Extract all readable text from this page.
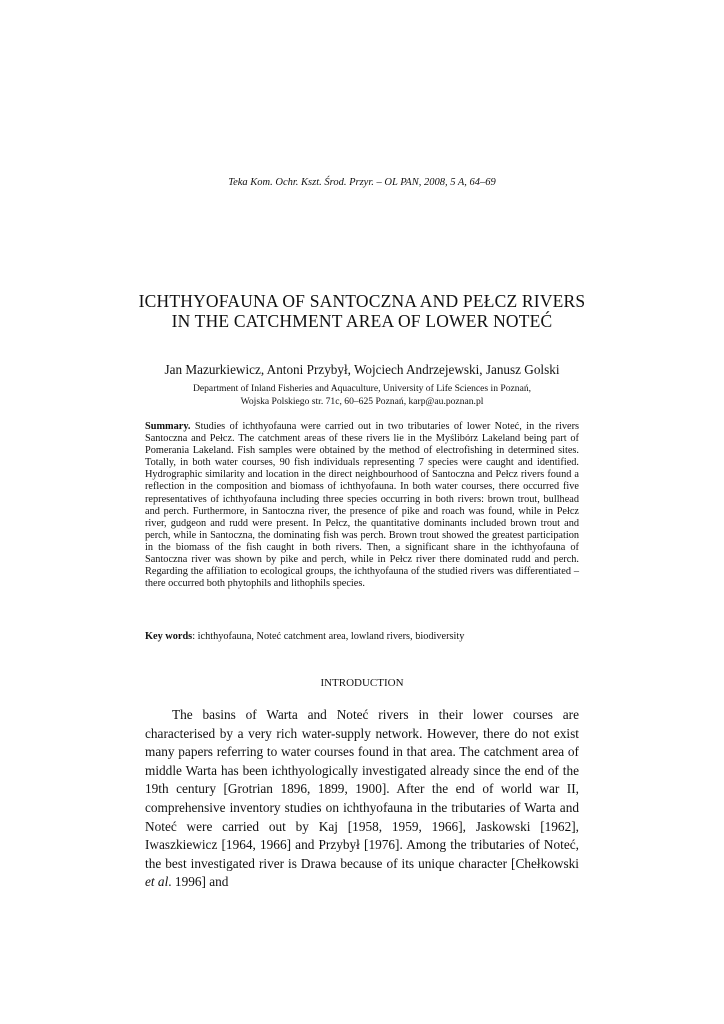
Teka Kom. Ochr. Kszt. Środ. Przyr. – OL PAN, 2008, 5 A, 64–69
ICHTHYOFAUNA OF SANTOCZNA AND PEŁCZ RIVERS
IN THE CATCHMENT AREA OF LOWER NOTEĆ
Jan Mazurkiewicz, Antoni Przybył, Wojciech Andrzejewski, Janusz Golski
Department of Inland Fisheries and Aquaculture, University of Life Sciences in Poznań,
Wojska Polskiego str. 71c, 60–625 Poznań, karp@au.poznan.pl
Summary. Studies of ichthyofauna were carried out in two tributaries of lower Noteć, in the rivers Santoczna and Pełcz. The catchment areas of these rivers lie in the Myślibórz Lakeland being part of Pomerania Lakeland. Fish samples were obtained by the method of electrofishing in determined sites. Totally, in both water courses, 90 fish individuals representing 7 species were caught and identified. Hydrographic similarity and location in the direct neighbourhood of Santoczna and Pełcz rivers found a reflection in the composition and biomass of ichthyofauna. In both water courses, there occurred five representatives of ichthyofauna including three species occurring in both rivers: brown trout, bullhead and perch. Furthermore, in Santoczna river, the presence of pike and roach was found, while in Pełcz river, gudgeon and rudd were present. In Pełcz, the quantitative dominants included brown trout and perch, while in Santoczna, the dominating fish was perch. Brown trout showed the greatest participation in the biomass of the fish caught in both rivers. Then, a significant share in the ichthyofauna of Santoczna river was shown by pike and perch, while in Pełcz river there dominated rudd and perch. Regarding the affiliation to ecological groups, the ichthyofauna of the studied rivers was differentiated – there occurred both phytophils and lithophils species.
Key words: ichthyofauna, Noteć catchment area, lowland rivers, biodiversity
INTRODUCTION
The basins of Warta and Noteć rivers in their lower courses are characterised by a very rich water-supply network. However, there do not exist many papers referring to water courses found in that area. The catchment area of middle Warta has been ichthyologically investigated already since the end of the 19th century [Grotrian 1896, 1899, 1900]. After the end of world war II, comprehensive inventory studies on ichthyofauna in the tributaries of Warta and Noteć were carried out by Kaj [1958, 1959, 1966], Jaskowski [1962], Iwaszkiewicz [1964, 1966] and Przybył [1976]. Among the tributaries of Noteć, the best investigated river is Drawa because of its unique character [Chełkowski et al. 1996] and
